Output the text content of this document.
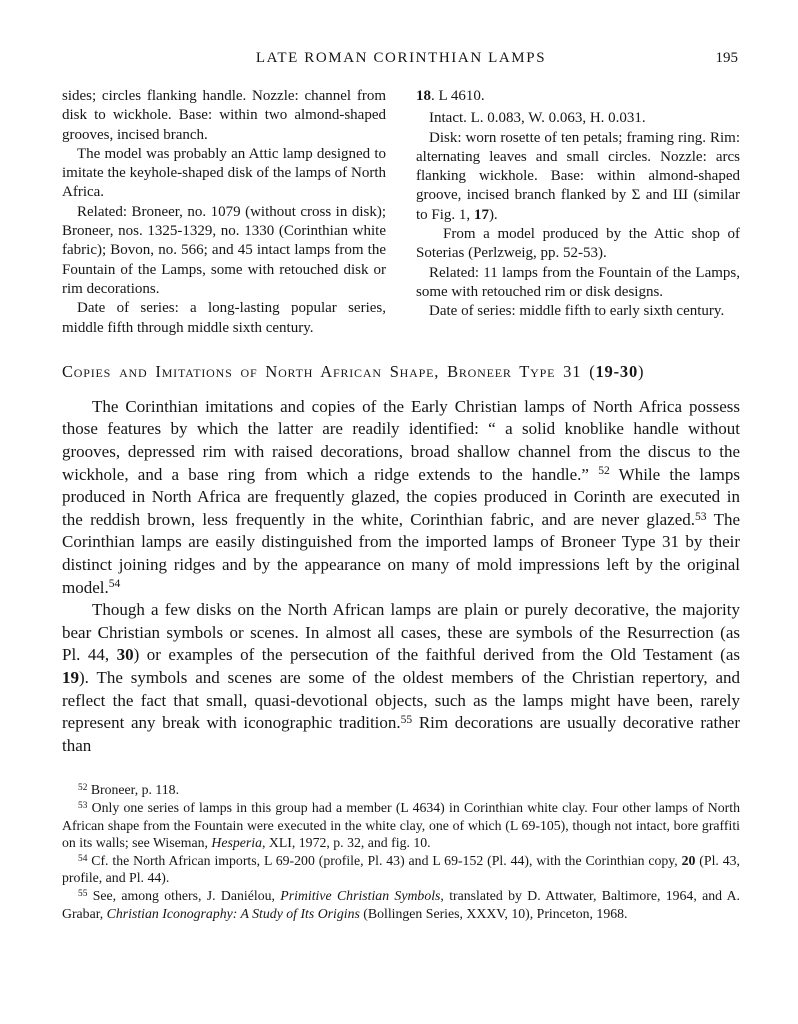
LATE ROMAN CORINTHIAN LAMPS	195

sides; circles flanking handle. Nozzle: channel from disk to wickhole. Base: within two almond-shaped grooves, incised branch.

The model was probably an Attic lamp designed to imitate the keyhole-shaped disk of the lamps of North Africa.

Related: Broneer, no. 1079 (without cross in disk); Broneer, nos. 1325-1329, no. 1330 (Corinthian white fabric); Bovon, no. 566; and 45 intact lamps from the Fountain of the Lamps, some with retouched disk or rim decorations.

Date of series: a long-lasting popular series, middle fifth through middle sixth century.

18. L 4610.

Intact. L. 0.083, W. 0.063, H. 0.031.

Disk: worn rosette of ten petals; framing ring. Rim: alternating leaves and small circles. Nozzle: arcs flanking wickhole. Base: within almond-shaped groove, incised branch flanked by Σ and Ш (similar to Fig. 1, 17).

From a model produced by the Attic shop of Soterias (Perlzweig, pp. 52-53).

Related: 11 lamps from the Fountain of the Lamps, some with retouched rim or disk designs.

Date of series: middle fifth to early sixth century.

Copies and Imitations of North African Shape, Broneer Type 31 (19-30)

The Corinthian imitations and copies of the Early Christian lamps of North Africa possess those features by which the latter are readily identified: “ a solid knoblike handle without grooves, depressed rim with raised decorations, broad shallow channel from the discus to the wickhole, and a base ring from which a ridge extends to the handle.” $^{52}$ While the lamps produced in North Africa are frequently glazed, the copies produced in Corinth are executed in the reddish brown, less frequently in the white, Corinthian fabric, and are never glazed.$^{53}$ The Corinthian lamps are easily distinguished from the imported lamps of Broneer Type 31 by their distinct joining ridges and by the appearance on many of mold impressions left by the original model.$^{54}$

Though a few disks on the North African lamps are plain or purely decorative, the majority bear Christian symbols or scenes. In almost all cases, these are symbols of the Resurrection (as Pl. 44, 30) or examples of the persecution of the faithful derived from the Old Testament (as 19). The symbols and scenes are some of the oldest members of the Christian repertory, and reflect the fact that small, quasi-devotional objects, such as the lamps might have been, rarely represent any break with iconographic tradition.$^{55}$ Rim decorations are usually decorative rather than

$^{52}$ Broneer, p. 118.

$^{53}$ Only one series of lamps in this group had a member (L 4634) in Corinthian white clay. Four other lamps of North African shape from the Fountain were executed in the white clay, one of which (L 69-105), though not intact, bore graffiti on its walls; see Wiseman, Hesperia, XLI, 1972, p. 32, and fig. 10.

$^{54}$ Cf. the North African imports, L 69-200 (profile, Pl. 43) and L 69-152 (Pl. 44), with the Corinthian copy, 20 (Pl. 43, profile, and Pl. 44).

$^{55}$ See, among others, J. Daniélou, Primitive Christian Symbols, translated by D. Attwater, Baltimore, 1964, and A. Grabar, Christian Iconography: A Study of Its Origins (Bollingen Series, XXXV, 10), Princeton, 1968.
